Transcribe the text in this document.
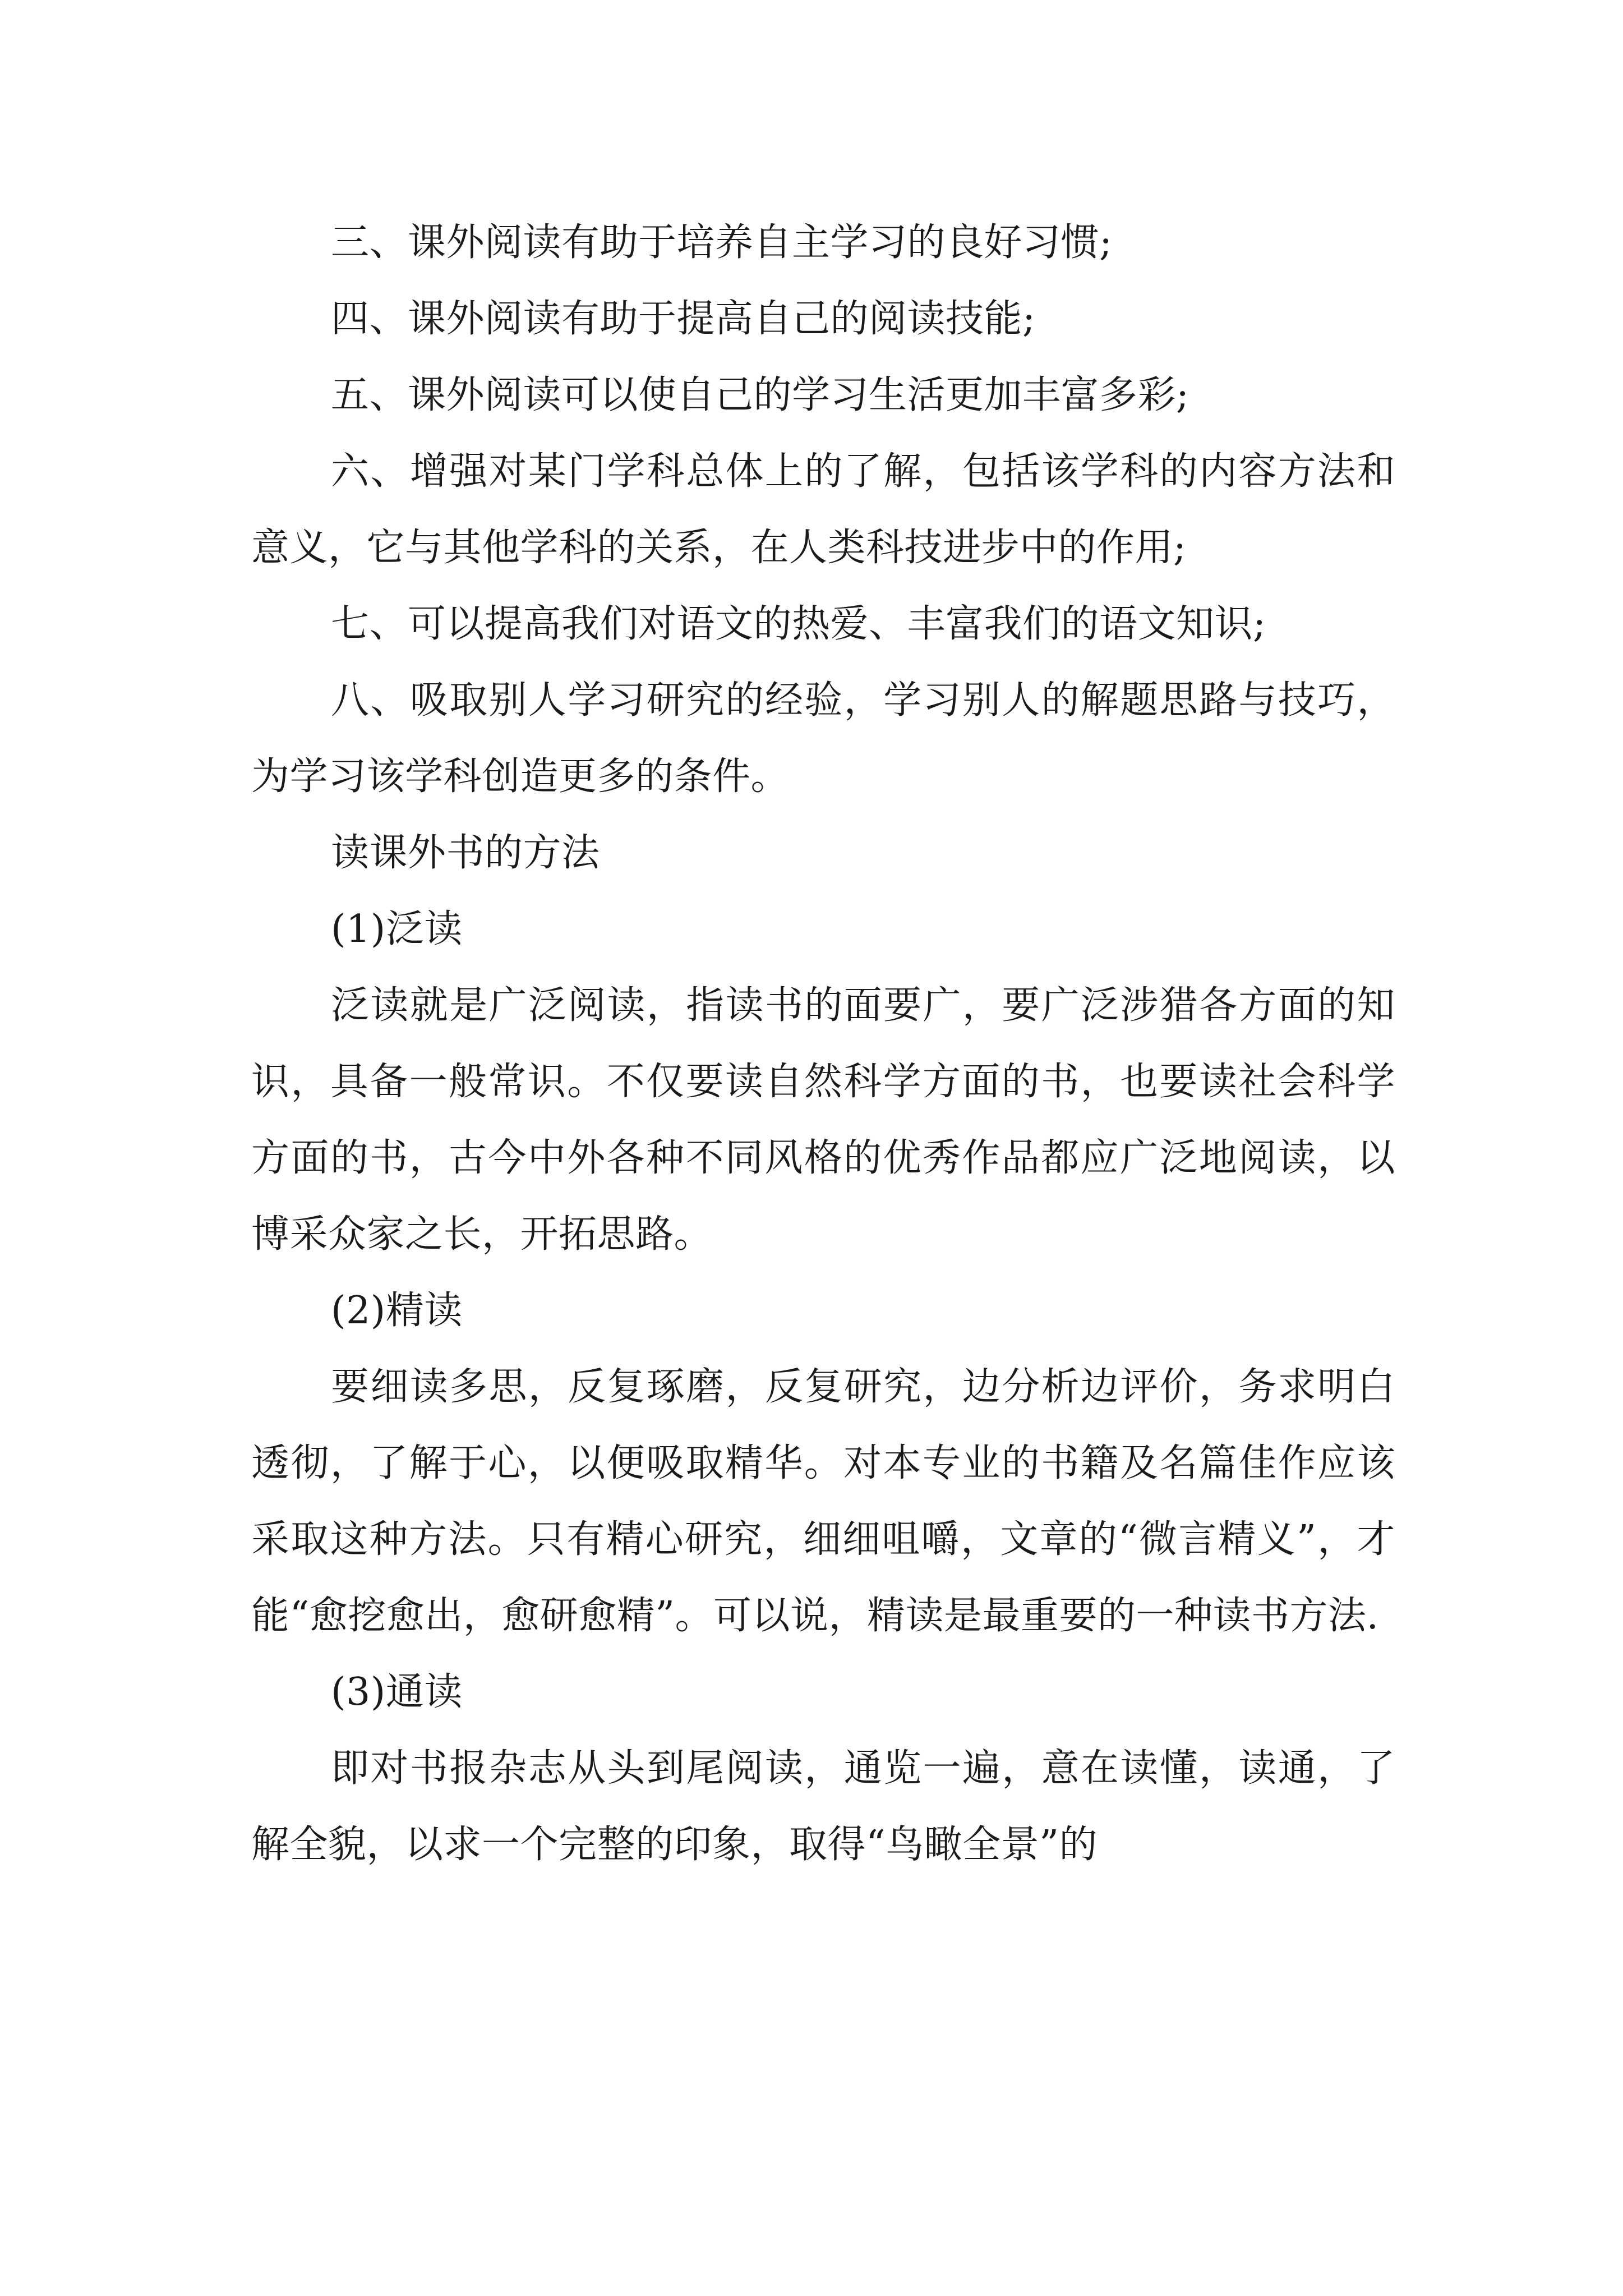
三、课外阅读有助于培养自主学习的良好习惯;

四、课外阅读有助于提高自己的阅读技能;

五、课外阅读可以使自己的学习生活更加丰富多彩;

六、增强对某门学科总体上的了解，包括该学科的内容方法和意义，它与其他学科的关系，在人类科技进步中的作用;

七、可以提高我们对语文的热爱、丰富我们的语文知识;

八、吸取别人学习研究的经验，学习别人的解题思路与技巧，为学习该学科创造更多的条件。

读课外书的方法

(1)泛读

泛读就是广泛阅读，指读书的面要广，要广泛涉猎各方面的知识，具备一般常识。不仅要读自然科学方面的书，也要读社会科学方面的书，古今中外各种不同风格的优秀作品都应广泛地阅读，以博采众家之长，开拓思路。

(2)精读

要细读多思，反复琢磨，反复研究，边分析边评价，务求明白透彻，了解于心，以便吸取精华。对本专业的书籍及名篇佳作应该采取这种方法。只有精心研究，细细咀嚼，文章的“微言精义”，才能“愈挖愈出，愈研愈精”。可以说，精读是最重要的一种读书方法.

(3)通读

即对书报杂志从头到尾阅读，通览一遍，意在读懂，读通，了解全貌，以求一个完整的印象，取得“鸟瞰全景”的
